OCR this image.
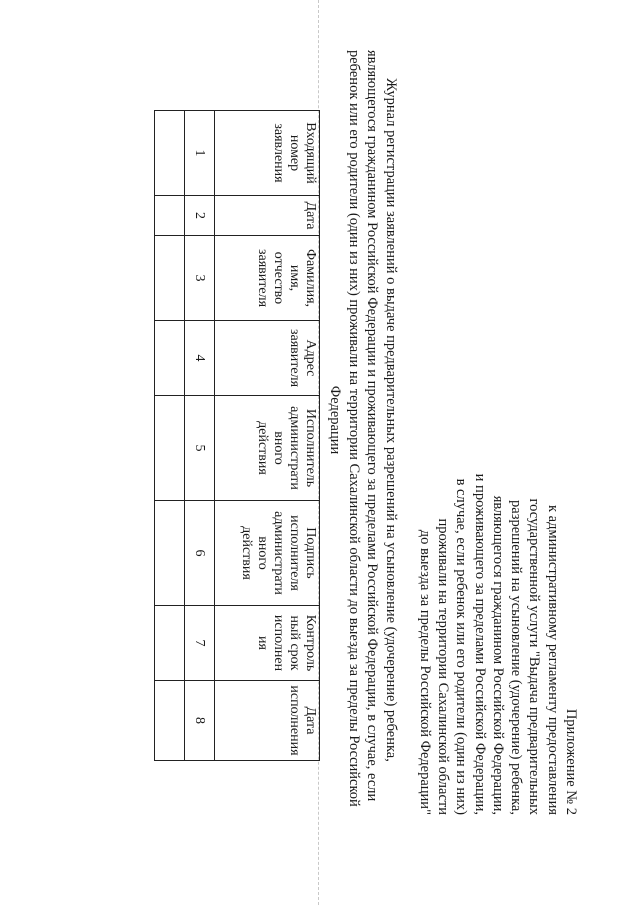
Приложение № 2
к административному регламенту предоставления
государственной услуги "Выдача предварительных
разрешений на усыновление (удочерение) ребенка,
являющегося гражданином Российской Федерации,
и проживающего за пределами Российской Федерации,
в случае, если ребенок или его родители (один из них)
проживали на территории Сахалинской области
до выезда за пределы Российской Федерации"
Журнал регистрации заявлений о выдаче предварительных разрешений на усыновление (удочерение) ребенка,
являющегося гражданином Российской Федерации и проживающего за пределами Российской Федерации, в случае, если
ребенок или его родители (один из них) проживали на территории Сахалинской области до выезда за пределы Российской
Федерации
Входящий
номер
заявления	Дата	Фамилия,
имя,
отчество
заявителя	Адрес
заявителя	Исполнитель
администрати
вного
действия	Подпись
исполнителя
администрати
вного
действия	Контроль
ный срок
исполнен
ия	Дата
исполнения

1	2	3	4	5	6	7	8
